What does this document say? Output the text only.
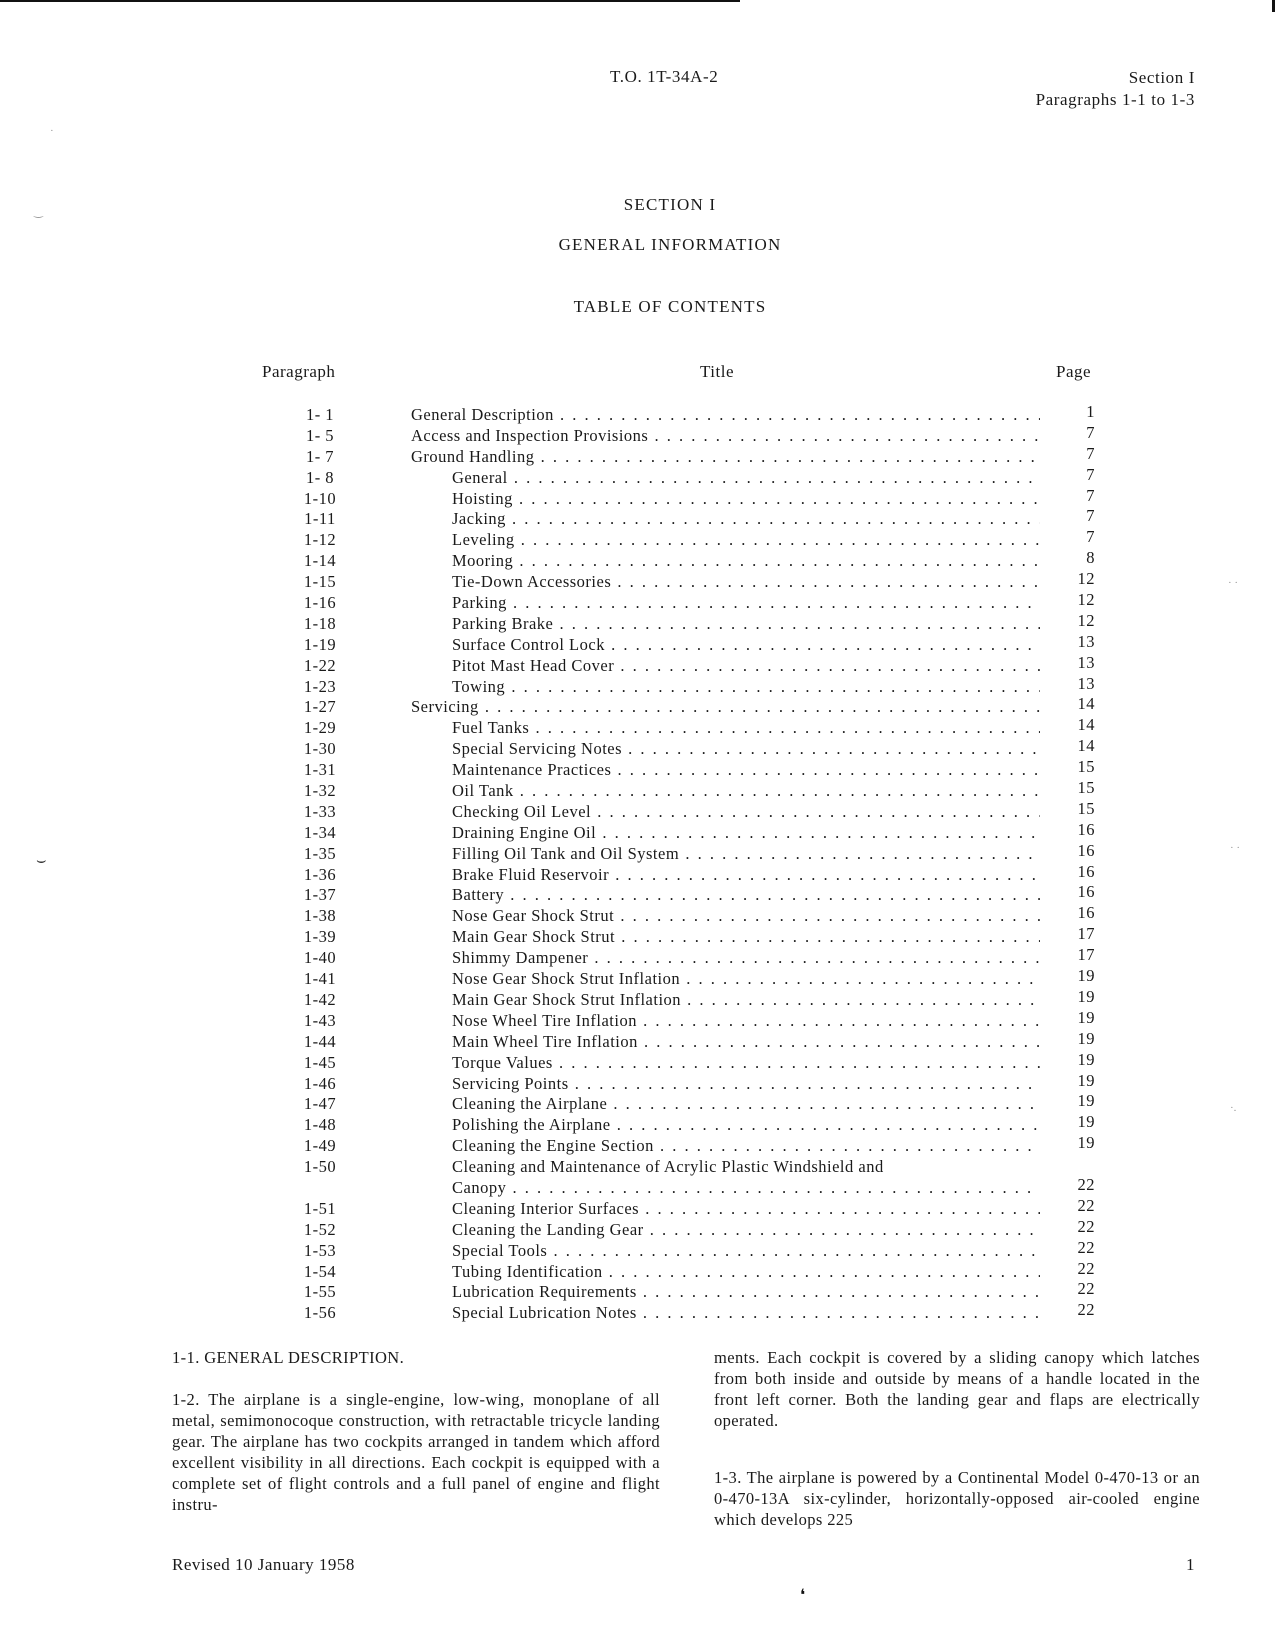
T.O. 1T-34A-2	Section I
Paragraphs 1-1 to 1-3
SECTION I
GENERAL INFORMATION
TABLE OF CONTENTS
Paragraph	Title	Page
1- 1	General Description . . .	1
1- 5	Access and Inspection Provisions . . .	7
1- 7	Ground Handling . . .	7
1- 8	General . . .	7
1-10	Hoisting . . .	7
1-11	Jacking . . .	7
1-12	Leveling . . .	7
1-14	Mooring . . .	8
1-15	Tie-Down Accessories . . .	12
1-16	Parking . . .	12
1-18	Parking Brake . . .	12
1-19	Surface Control Lock . . .	13
1-22	Pitot Mast Head Cover . . .	13
1-23	Towing . . .	13
1-27	Servicing . . .	14
1-29	Fuel Tanks . . .	14
1-30	Special Servicing Notes . . .	14
1-31	Maintenance Practices . . .	15
1-32	Oil Tank . . .	15
1-33	Checking Oil Level . . .	15
1-34	Draining Engine Oil . . .	16
1-35	Filling Oil Tank and Oil System . . .	16
1-36	Brake Fluid Reservoir . . .	16
1-37	Battery . . .	16
1-38	Nose Gear Shock Strut . . .	16
1-39	Main Gear Shock Strut . . .	17
1-40	Shimmy Dampener . . .	17
1-41	Nose Gear Shock Strut Inflation . . .	19
1-42	Main Gear Shock Strut Inflation . . .	19
1-43	Nose Wheel Tire Inflation . . .	19
1-44	Main Wheel Tire Inflation . . .	19
1-45	Torque Values . . .	19
1-46	Servicing Points . . .	19
1-47	Cleaning the Airplane . . .	19
1-48	Polishing the Airplane . . .	19
1-49	Cleaning the Engine Section . . .	19
1-50	Cleaning and Maintenance of Acrylic Plastic Windshield and
Canopy . . .	22
1-51	Cleaning Interior Surfaces . . .	22
1-52	Cleaning the Landing Gear . . .	22
1-53	Special Tools . . .	22
1-54	Tubing Identification . . .	22
1-55	Lubrication Requirements . . .	22
1-56	Special Lubrication Notes . . .	22

1-1. GENERAL DESCRIPTION.

1-2. The airplane is a single-engine, low-wing, monoplane of all metal, semimonocoque construction, with retractable tricycle landing gear. The airplane has two cockpits arranged in tandem which afford excellent visibility in all directions. Each cockpit is equipped with a complete set of flight controls and a full panel of engine and flight instru-

ments. Each cockpit is covered by a sliding canopy which latches from both inside and outside by means of a handle located in the front left corner. Both the landing gear and flaps are electrically operated.

1-3. The airplane is powered by a Continental Model 0-470-13 or an 0-470-13A six-cylinder, horizontally-opposed air-cooled engine which develops 225

Revised 10 January 1958	1
❛
·
‿
⌣
· ·
· ·
·.
